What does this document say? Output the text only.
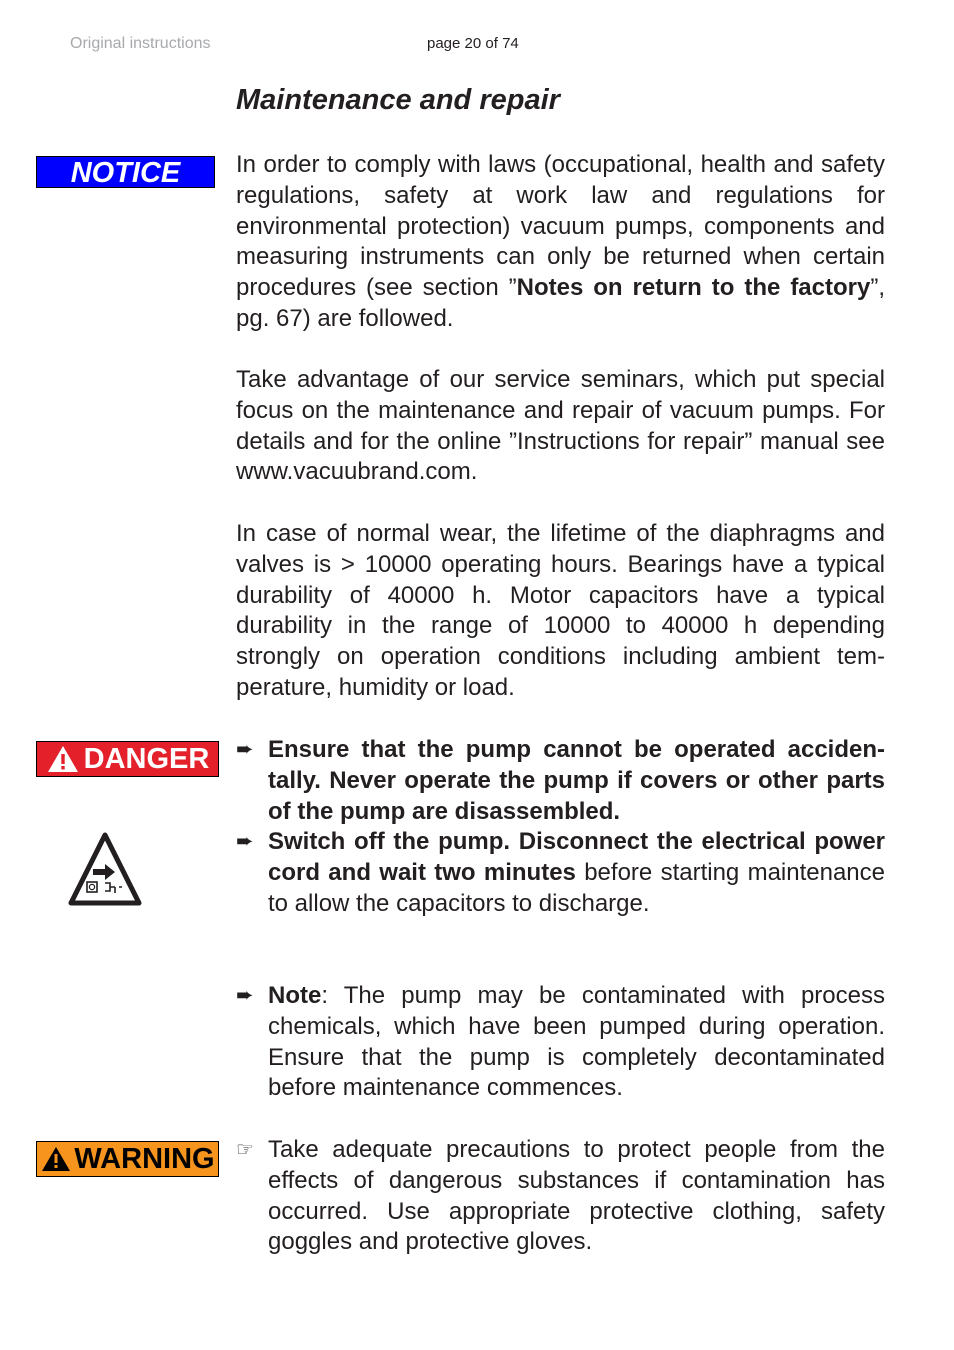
Original instructions	page 20 of 74
Maintenance and repair
NOTICE	In order to comply with laws (occupational, health and safety regulations, safety at work law and regulations for environmental protection) vacuum pumps, components and measuring instruments can only be returned when certain procedures (see section ”Notes on return to the factory”, pg. 67) are followed.

Take advantage of our service seminars, which put special focus on the maintenance and repair of vacuum pumps. For details and for the online ”Instructions for repair” manual see www.vacuubrand.com.

In case of normal wear, the lifetime of the diaphragms and valves is > 10000 operating hours. Bearings have a typical durability of 40000 h. Motor capacitors have a typical durability in the range of 10000 to 40000 h depending strongly on operation conditions including ambient temperature, humidity or load.

DANGER ➨ Ensure that the pump cannot be operated accidentally. Never operate the pump if covers or other parts of the pump are disassembled.
➨ Switch off the pump. Disconnect the electrical power cord and wait two minutes before starting maintenance to allow the capacitors to discharge.
➨ Note: The pump may be contaminated with process chemicals, which have been pumped during operation. Ensure that the pump is completely decontaminated before maintenance commences.
WARNING ☞ Take adequate precautions to protect people from the effects of dangerous substances if contamination has occurred. Use appropriate protective clothing, safety goggles and protective gloves.
